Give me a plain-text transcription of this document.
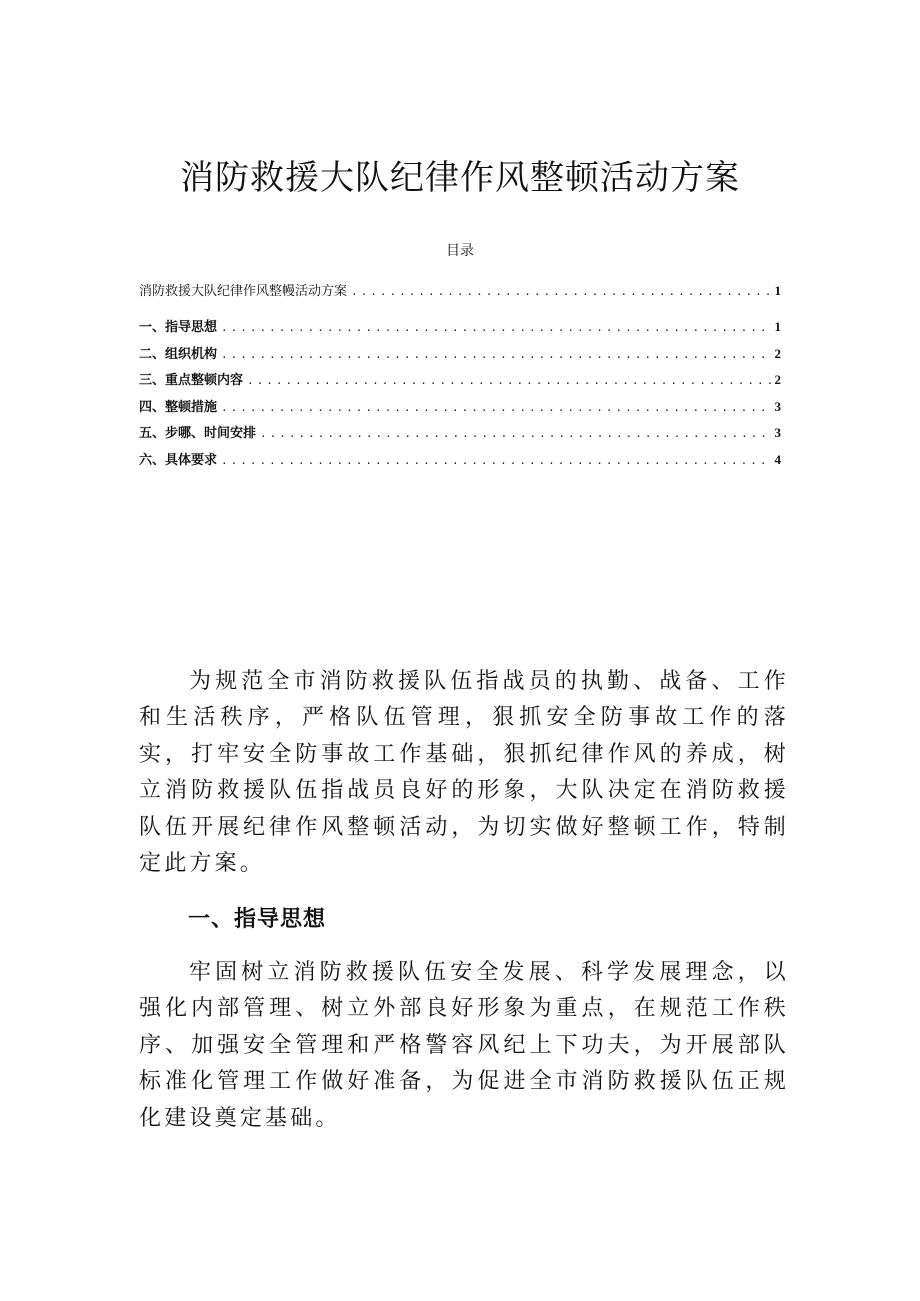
消防救援大队纪律作风整顿活动方案
目录
消防救援大队纪律作风整幔活动方案 .....	1
一、指导思想 .....	1
二、组织机构 .....	2
三、重点整顿内容 .....	2
四、整顿措施 .....	3
五、步哪、时间安排 .....	3
六、具体要求 .....	4

为规范全市消防救援队伍指战员的执勤、战备、工作和生活秩序，严格队伍管理，狠抓安全防事故工作的落实，打牢安全防事故工作基础，狠抓纪律作风的养成，树立消防救援队伍指战员良好的形象，大队决定在消防救援队伍开展纪律作风整顿活动，为切实做好整顿工作，特制定此方案。

一、指导思想

牢固树立消防救援队伍安全发展、科学发展理念，以强化内部管理、树立外部良好形象为重点，在规范工作秩序、加强安全管理和严格警容风纪上下功夫，为开展部队标准化管理工作做好准备，为促进全市消防救援队伍正规化建设奠定基础。
